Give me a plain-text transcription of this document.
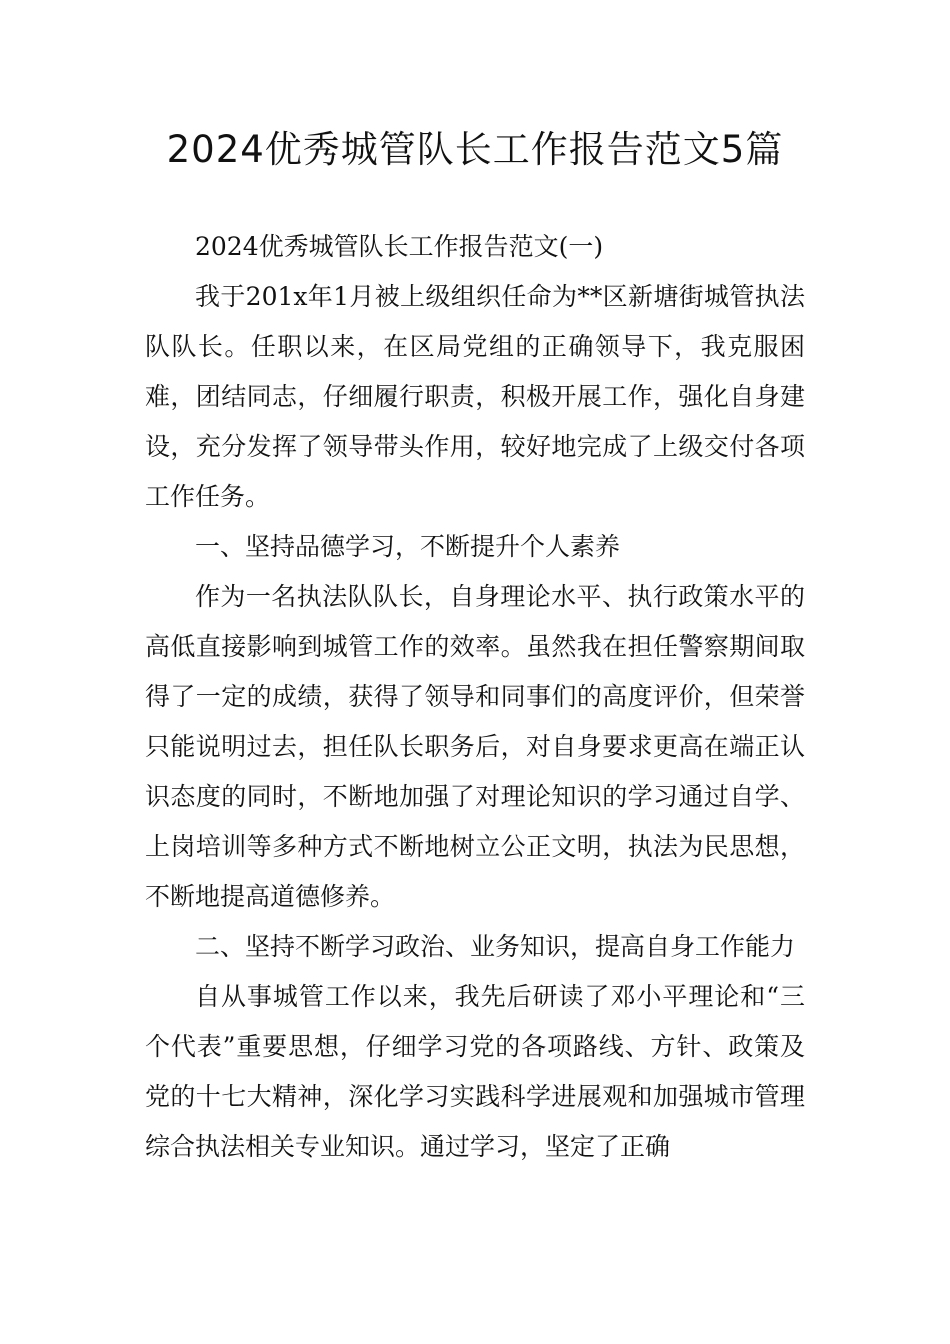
2024优秀城管队长工作报告范文5篇

2024优秀城管队长工作报告范文(一)

我于201x年1月被上级组织任命为**区新塘街城管执法队队长。任职以来，在区局党组的正确领导下，我克服困难，团结同志，仔细履行职责，积极开展工作，强化自身建设，充分发挥了领导带头作用，较好地完成了上级交付各项工作任务。

一、坚持品德学习，不断提升个人素养

作为一名执法队队长，自身理论水平、执行政策水平的高低直接影响到城管工作的效率。虽然我在担任警察期间取得了一定的成绩，获得了领导和同事们的高度评价，但荣誉只能说明过去，担任队长职务后，对自身要求更高在端正认识态度的同时，不断地加强了对理论知识的学习通过自学、上岗培训等多种方式不断地树立公正文明，执法为民思想，不断地提高道德修养。

二、坚持不断学习政治、业务知识，提高自身工作能力

自从事城管工作以来，我先后研读了邓小平理论和“三个代表”重要思想，仔细学习党的各项路线、方针、政策及党的十七大精神，深化学习实践科学进展观和加强城市管理综合执法相关专业知识。通过学习，坚定了正确
